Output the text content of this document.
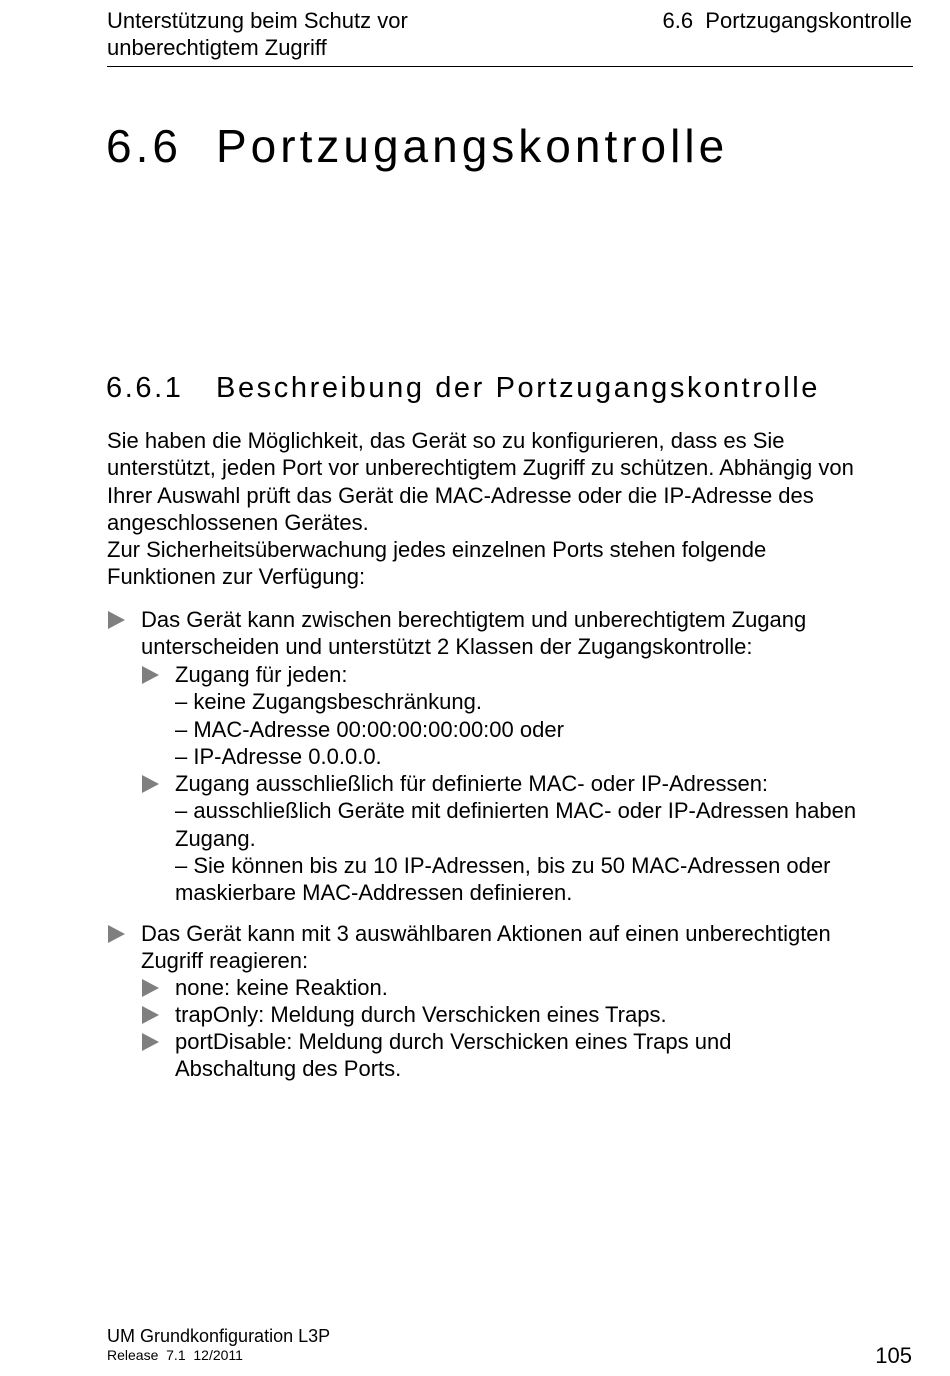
Unterstützung beim Schutz vor
unberechtigtem Zugriff
6.6  Portzugangskontrolle
6.6 Portzugangskontrolle
6.6.1 Beschreibung der Portzugangskontrolle

Sie haben die Möglichkeit, das Gerät so zu konfigurieren, dass es Sie
unterstützt, jeden Port vor unberechtigtem Zugriff zu schützen. Abhängig von
Ihrer Auswahl prüft das Gerät die MAC-Adresse oder die IP-Adresse des
angeschlossenen Gerätes.

Zur Sicherheitsüberwachung jedes einzelnen Ports stehen folgende
Funktionen zur Verfügung:

Das Gerät kann zwischen berechtigtem und unberechtigtem Zugang
unterscheiden und unterstützt 2 Klassen der Zugangskontrolle:
Zugang für jeden:
– keine Zugangsbeschränkung.
– MAC-Adresse 00:00:00:00:00:00 oder
– IP-Adresse 0.0.0.0.
Zugang ausschließlich für definierte MAC- oder IP-Adressen:
– ausschließlich Geräte mit definierten MAC- oder IP-Adressen haben
Zugang.
– Sie können bis zu 10 IP-Adressen, bis zu 50 MAC-Adressen oder
maskierbare MAC-Addressen definieren.
Das Gerät kann mit 3 auswählbaren Aktionen auf einen unberechtigten
Zugriff reagieren:
none: keine Reaktion.
trapOnly: Meldung durch Verschicken eines Traps.
portDisable: Meldung durch Verschicken eines Traps und
Abschaltung des Ports.
UM Grundkonfiguration L3P
Release  7.1  12/2011	105
